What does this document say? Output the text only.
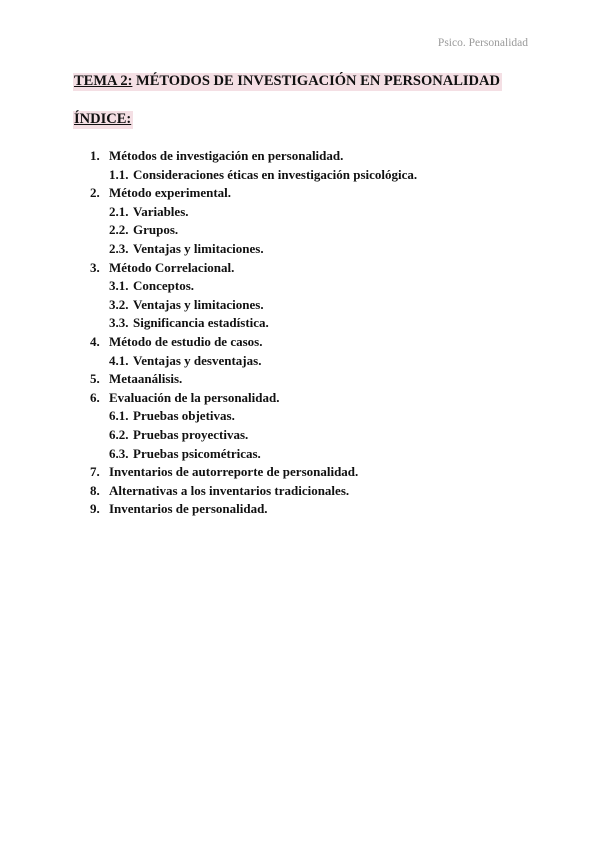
Psico. Personalidad
TEMA 2: MÉTODOS DE INVESTIGACIÓN EN PERSONALIDAD
ÍNDICE:
1. Métodos de investigación en personalidad.
1.1. Consideraciones éticas en investigación psicológica.
2. Método experimental.
2.1. Variables.
2.2. Grupos.
2.3. Ventajas y limitaciones.
3. Método Correlacional.
3.1. Conceptos.
3.2. Ventajas y limitaciones.
3.3. Significancia estadística.
4. Método de estudio de casos.
4.1. Ventajas y desventajas.
5. Metaanálisis.
6. Evaluación de la personalidad.
6.1. Pruebas objetivas.
6.2. Pruebas proyectivas.
6.3. Pruebas psicométricas.
7. Inventarios de autorreporte de personalidad.
8. Alternativas a los inventarios tradicionales.
9. Inventarios de personalidad.
